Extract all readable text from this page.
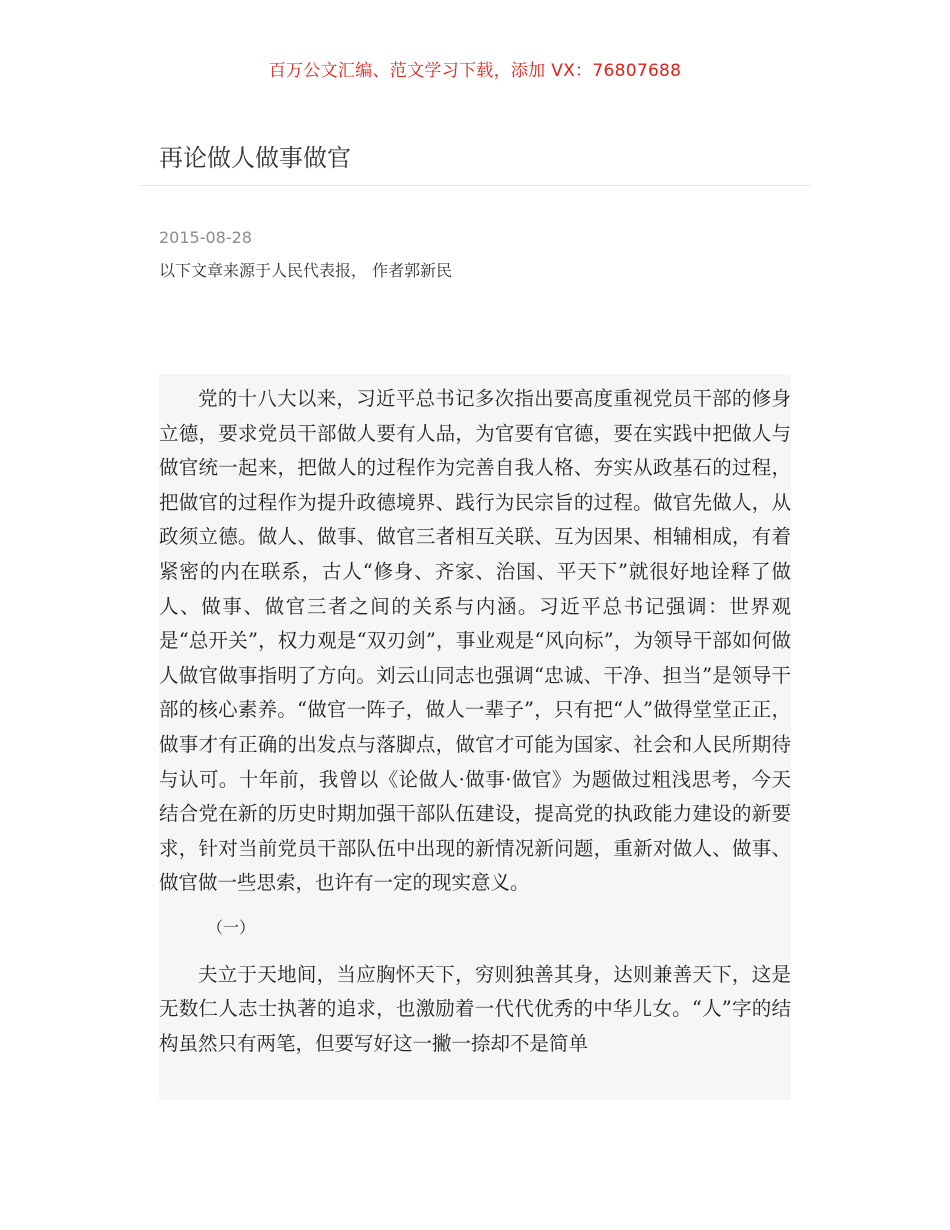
百万公文汇编、范文学习下载，添加 VX：76807688
再论做人做事做官
2015-08-28
以下文章来源于人民代表报， 作者郭新民

党的十八大以来，习近平总书记多次指出要高度重视党员干部的修身立德，要求党员干部做人要有人品，为官要有官德，要在实践中把做人与做官统一起来，把做人的过程作为完善自我人格、夯实从政基石的过程，把做官的过程作为提升政德境界、践行为民宗旨的过程。做官先做人，从政须立德。做人、做事、做官三者相互关联、互为因果、相辅相成，有着紧密的内在联系，古人“修身、齐家、治国、平天下”就很好地诠释了做人、做事、做官三者之间的关系与内涵。习近平总书记强调：世界观是“总开关”，权力观是“双刃剑”，事业观是“风向标”，为领导干部如何做人做官做事指明了方向。刘云山同志也强调“忠诚、干净、担当”是领导干部的核心素养。“做官一阵子，做人一辈子”，只有把“人”做得堂堂正正，做事才有正确的出发点与落脚点，做官才可能为国家、社会和人民所期待与认可。十年前，我曾以《论做人·做事·做官》为题做过粗浅思考，今天结合党在新的历史时期加强干部队伍建设，提高党的执政能力建设的新要求，针对当前党员干部队伍中出现的新情况新问题，重新对做人、做事、做官做一些思索，也许有一定的现实意义。

（一）

夫立于天地间，当应胸怀天下，穷则独善其身，达则兼善天下，这是无数仁人志士执著的追求，也激励着一代代优秀的中华儿女。“人”字的结构虽然只有两笔，但要写好这一撇一捺却不是简单
